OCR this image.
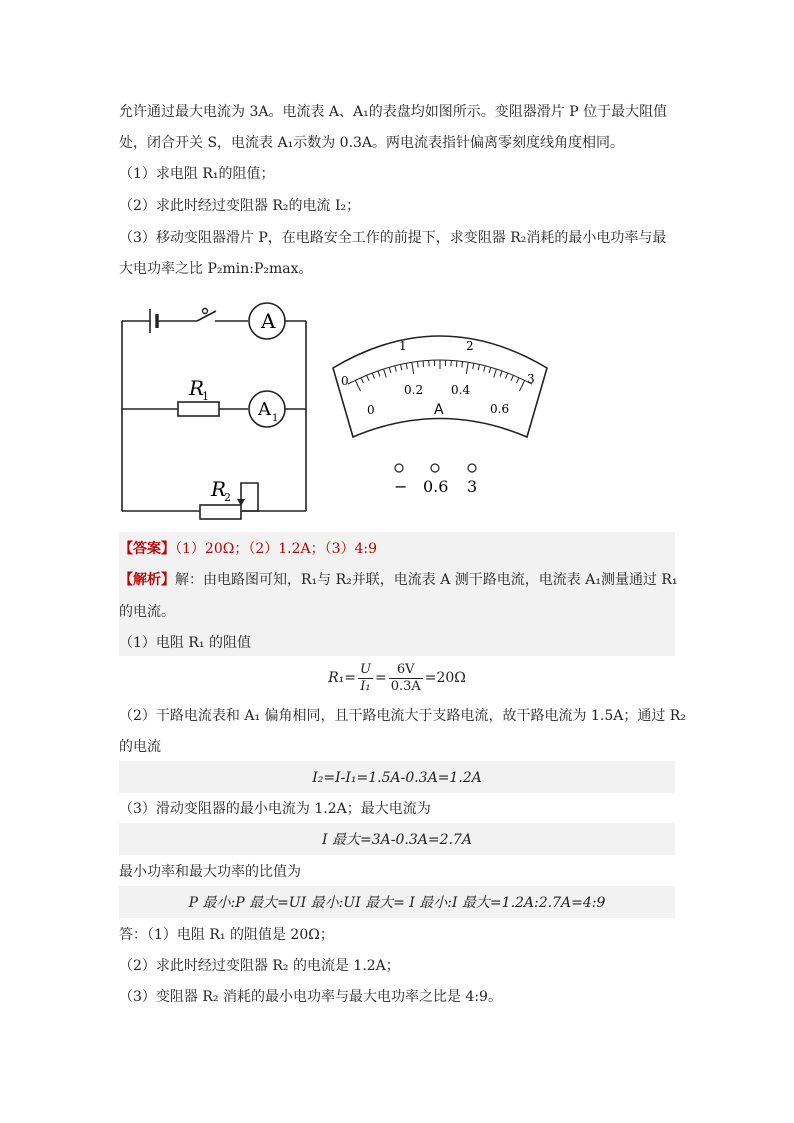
允许通过最大电流为 3A。电流表 A、A₁的表盘均如图所示。变阻器滑片 P 位于最大阻值
处，闭合开关 S，电流表 A₁示数为 0.3A。两电流表指针偏离零刻度线角度相同。
（1）求电阻 R₁的阻值；
（2）求此时经过变阻器 R₂的电流 I₂；
（3）移动变阻器滑片 P，在电路安全工作的前提下，求变阻器 R₂消耗的最小电功率与最
大电功率之比 P₂min:P₂max。
A
A 1
R
1
R
2
0
1	2
3
0
0.2 0.4
0.6
A
− 0.6 3
【答案】（1）20Ω；（2）1.2A；（3）4:9
【解析】解：由电路图可知，R₁与 R₂并联，电流表 A 测干路电流，电流表 A₁测量通过 R₁
的电流。
（1）电阻 R₁ 的阻值
$R_1= \frac{U}{\text{I₁}} = \frac{6V}{0.3A} =20\Omega$
（2）干路电流表和 A₁ 偏角相同，且干路电流大于支路电流，故干路电流为 1.5A；通过 R₂
的电流
I₂=I-I₁=1.5A-0.3A=1.2A
（3）滑动变阻器的最小电流为 1.2A；最大电流为
I 最大=3A-0.3A=2.7A
最小功率和最大功率的比值为
P 最小:P 最大=UI 最小:UI 最大= I 最小:I 最大=1.2A:2.7A=4:9
答：（1）电阻 R₁ 的阻值是 20Ω；
（2）求此时经过变阻器 R₂ 的电流是 1.2A；
（3）变阻器 R₂ 消耗的最小电功率与最大电功率之比是 4:9。
